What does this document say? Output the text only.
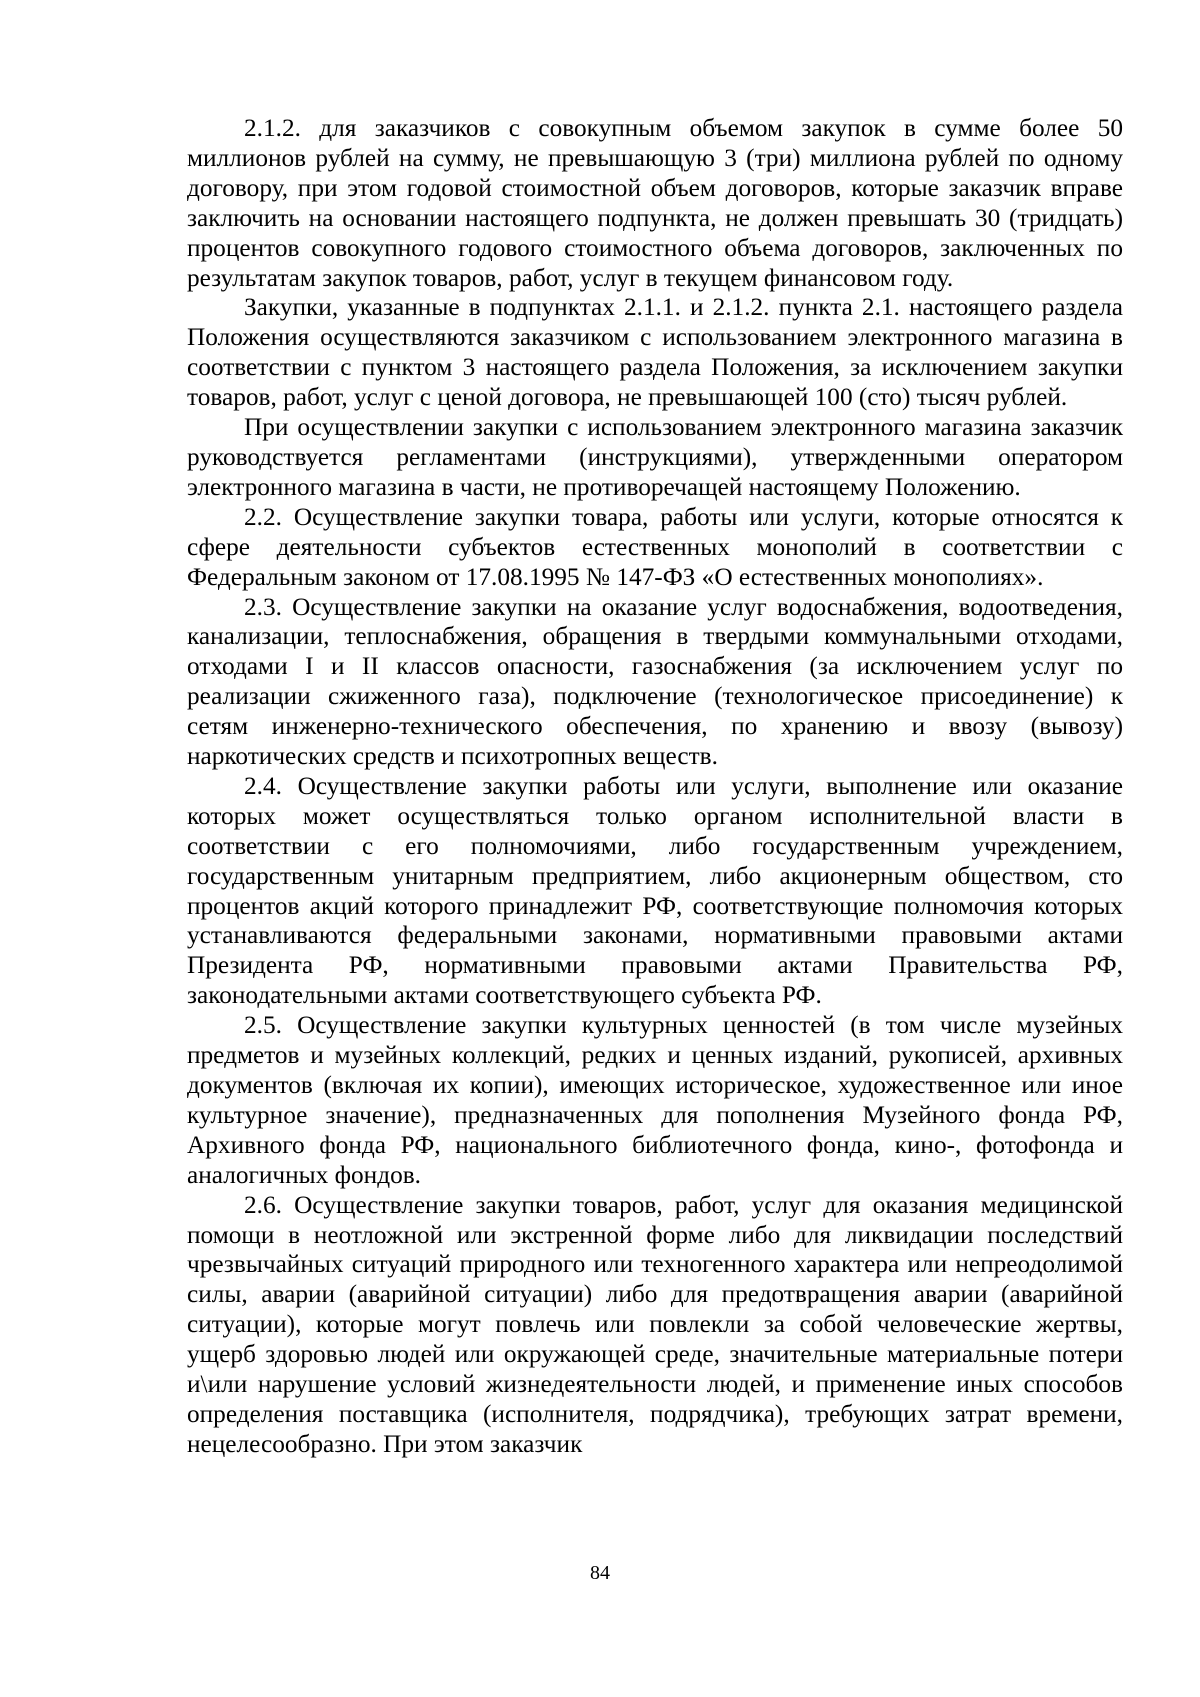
2.1.2. для заказчиков с совокупным объемом закупок в сумме более 50 миллионов рублей на сумму, не превышающую 3 (три) миллиона рублей по одному договору, при этом годовой стоимостной объем договоров, которые заказчик вправе заключить на основании настоящего подпункта, не должен превышать 30 (тридцать) процентов совокупного годового стоимостного объема договоров, заключенных по результатам закупок товаров, работ, услуг в текущем финансовом году.

Закупки, указанные в подпунктах 2.1.1. и 2.1.2. пункта 2.1. настоящего раздела Положения осуществляются заказчиком с использованием электронного магазина в соответствии с пунктом 3 настоящего раздела Положения, за исключением закупки товаров, работ, услуг с ценой договора, не превышающей 100 (сто) тысяч рублей.

При осуществлении закупки с использованием электронного магазина заказчик руководствуется регламентами (инструкциями), утвержденными оператором электронного магазина в части, не противоречащей настоящему Положению.

2.2. Осуществление закупки товара, работы или услуги, которые относятся к сфере деятельности субъектов естественных монополий в соответствии с Федеральным законом от 17.08.1995 № 147-ФЗ «О естественных монополиях».

2.3. Осуществление закупки на оказание услуг водоснабжения, водоотведения, канализации, теплоснабжения, обращения в твердыми коммунальными отходами, отходами I и II классов опасности, газоснабжения (за исключением услуг по реализации сжиженного газа), подключение (технологическое присоединение) к сетям инженерно-технического обеспечения, по хранению и ввозу (вывозу) наркотических средств и психотропных веществ.

2.4. Осуществление закупки работы или услуги, выполнение или оказание которых может осуществляться только органом исполнительной власти в соответствии с его полномочиями, либо государственным учреждением, государственным унитарным предприятием, либо акционерным обществом, сто процентов акций которого принадлежит РФ, соответствующие полномочия которых устанавливаются федеральными законами, нормативными правовыми актами Президента РФ, нормативными правовыми актами Правительства РФ, законодательными актами соответствующего субъекта РФ.

2.5. Осуществление закупки культурных ценностей (в том числе музейных предметов и музейных коллекций, редких и ценных изданий, рукописей, архивных документов (включая их копии), имеющих историческое, художественное или иное культурное значение), предназначенных для пополнения Музейного фонда РФ, Архивного фонда РФ, национального библиотечного фонда, кино-, фотофонда и аналогичных фондов.

2.6. Осуществление закупки товаров, работ, услуг для оказания медицинской помощи в неотложной или экстренной форме либо для ликвидации последствий чрезвычайных ситуаций природного или техногенного характера или непреодолимой силы, аварии (аварийной ситуации) либо для предотвращения аварии (аварийной ситуации), которые могут повлечь или повлекли за собой человеческие жертвы, ущерб здоровью людей или окружающей среде, значительные материальные потери и\или нарушение условий жизнедеятельности людей, и применение иных способов определения поставщика (исполнителя, подрядчика), требующих затрат времени, нецелесообразно. При этом заказчик

84
